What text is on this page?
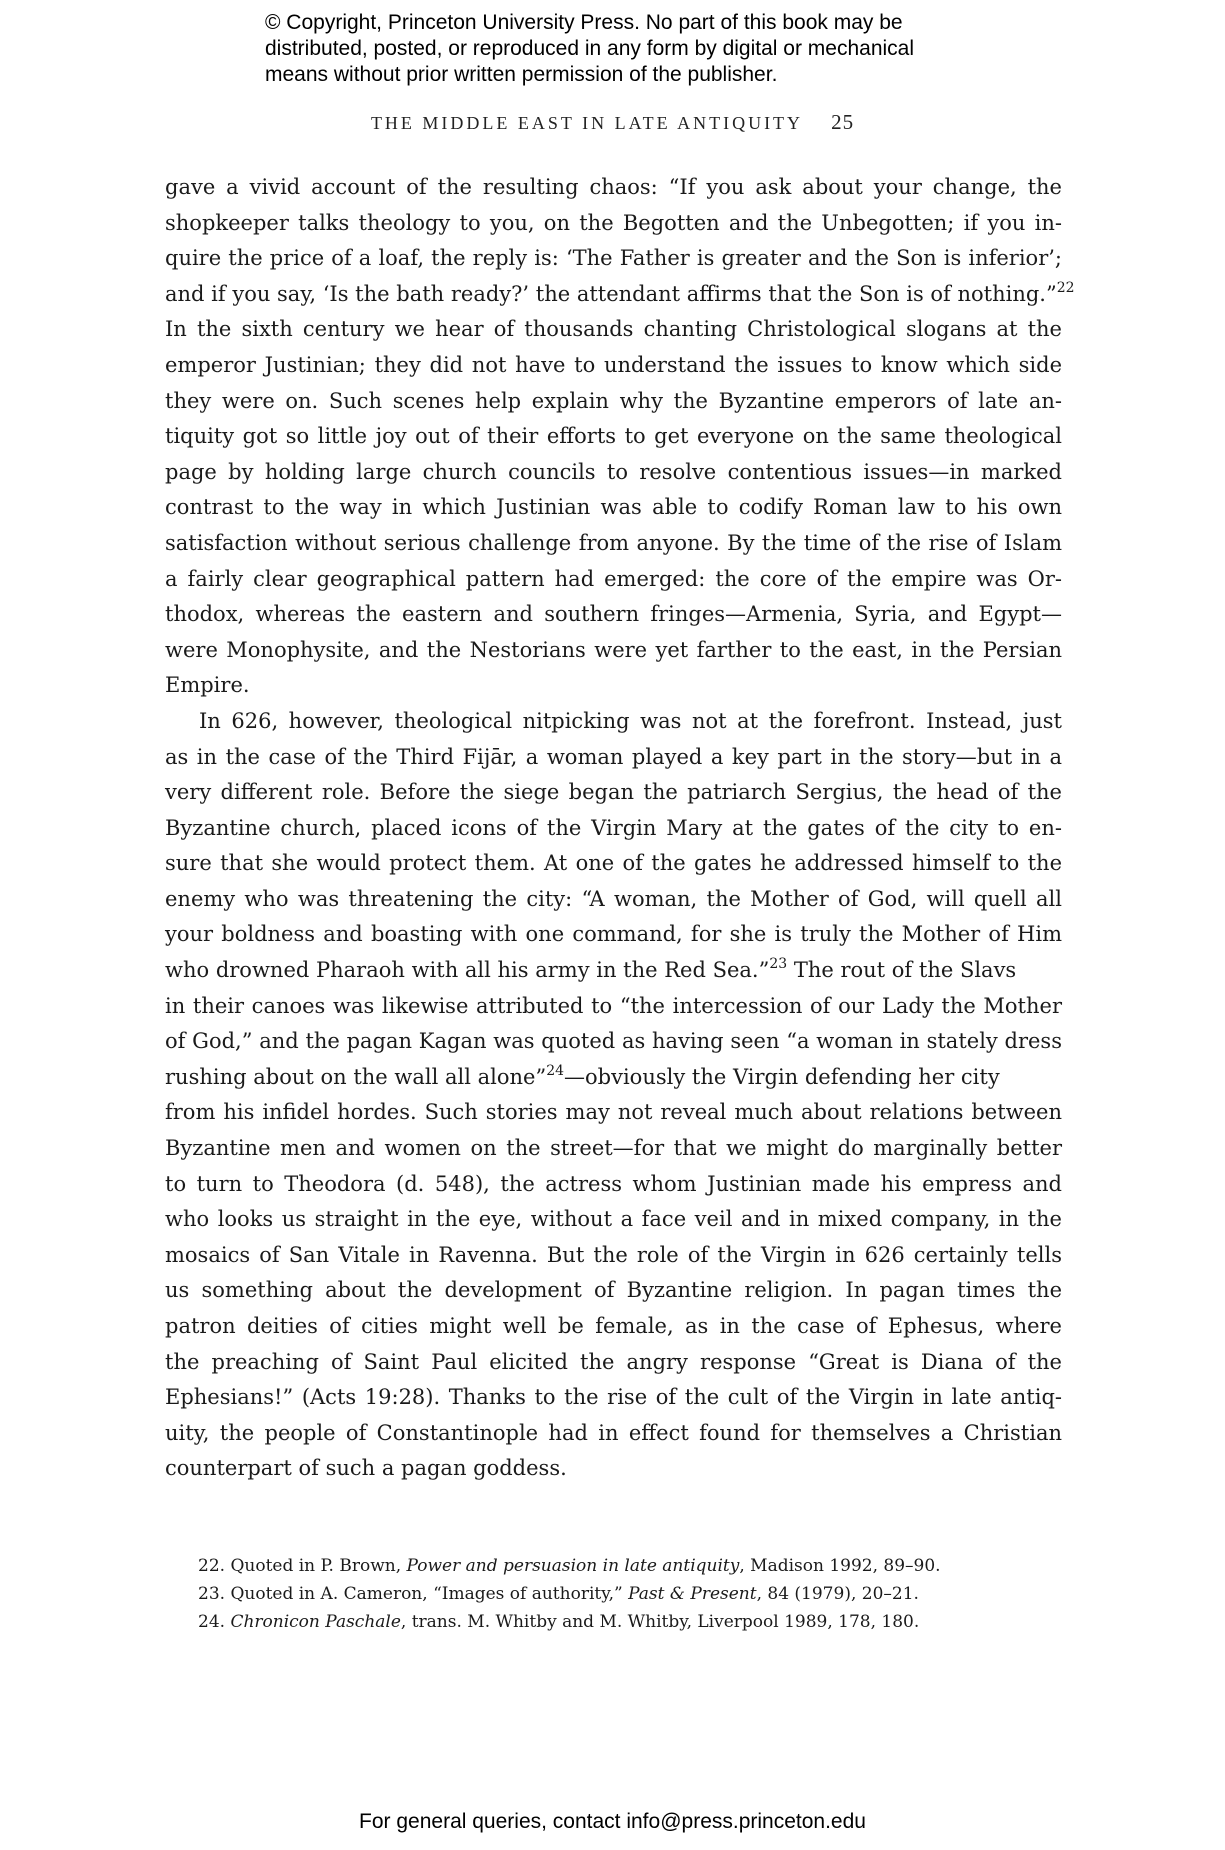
© Copyright, Princeton University Press. No part of this book may be
distributed, posted, or reproduced in any form by digital or mechanical
means without prior written permission of the publisher.
THE MIDDLE EAST IN LATE ANTIQUITY 25
gave a vivid account of the resulting chaos: “If you ask about your change, the
shopkeeper talks theology to you, on the Begotten and the Unbegotten; if you in-
quire the price of a loaf, the reply is: ‘The Father is greater and the Son is inferior’;
and if you say, ‘Is the bath ready?’ the attendant affirms that the Son is of nothing.”$^{22}$
In the sixth century we hear of thousands chanting Christological slogans at the
emperor Justinian; they did not have to understand the issues to know which side
they were on. Such scenes help explain why the Byzantine emperors of late an-
tiquity got so little joy out of their efforts to get everyone on the same theological
page by holding large church councils to resolve contentious issues—in marked
contrast to the way in which Justinian was able to codify Roman law to his own
satisfaction without serious challenge from anyone. By the time of the rise of Islam
a fairly clear geographical pattern had emerged: the core of the empire was Or-
thodox, whereas the eastern and southern fringes—Armenia, Syria, and Egypt—
were Monophysite, and the Nestorians were yet farther to the east, in the Persian
Empire.
In 626, however, theological nitpicking was not at the forefront. Instead, just
as in the case of the Third Fijār, a woman played a key part in the story—but in a
very different role. Before the siege began the patriarch Sergius, the head of the
Byzantine church, placed icons of the Virgin Mary at the gates of the city to en-
sure that she would protect them. At one of the gates he addressed himself to the
enemy who was threatening the city: “A woman, the Mother of God, will quell all
your boldness and boasting with one command, for she is truly the Mother of Him
who drowned Pharaoh with all his army in the Red Sea.”$^{23}$ The rout of the Slavs
in their canoes was likewise attributed to “the intercession of our Lady the Mother
of God,” and the pagan Kagan was quoted as having seen “a woman in stately dress
rushing about on the wall all alone”$^{24}$—obviously the Virgin defending her city
from his infidel hordes. Such stories may not reveal much about relations between
Byzantine men and women on the street—for that we might do marginally better
to turn to Theodora (d. 548), the actress whom Justinian made his empress and
who looks us straight in the eye, without a face veil and in mixed company, in the
mosaics of San Vitale in Ravenna. But the role of the Virgin in 626 certainly tells
us something about the development of Byzantine religion. In pagan times the
patron deities of cities might well be female, as in the case of Ephesus, where
the preaching of Saint Paul elicited the angry response “Great is Diana of the
Ephesians!” (Acts 19:28). Thanks to the rise of the cult of the Virgin in late antiq-
uity, the people of Constantinople had in effect found for themselves a Christian
counterpart of such a pagan goddess.
22. Quoted in P. Brown, Power and persuasion in late antiquity, Madison 1992, 89–90.
23. Quoted in A. Cameron, “Images of authority,” Past & Present, 84 (1979), 20–21.
24. Chronicon Paschale, trans. M. Whitby and M. Whitby, Liverpool 1989, 178, 180.
For general queries, contact info@press.princeton.edu
